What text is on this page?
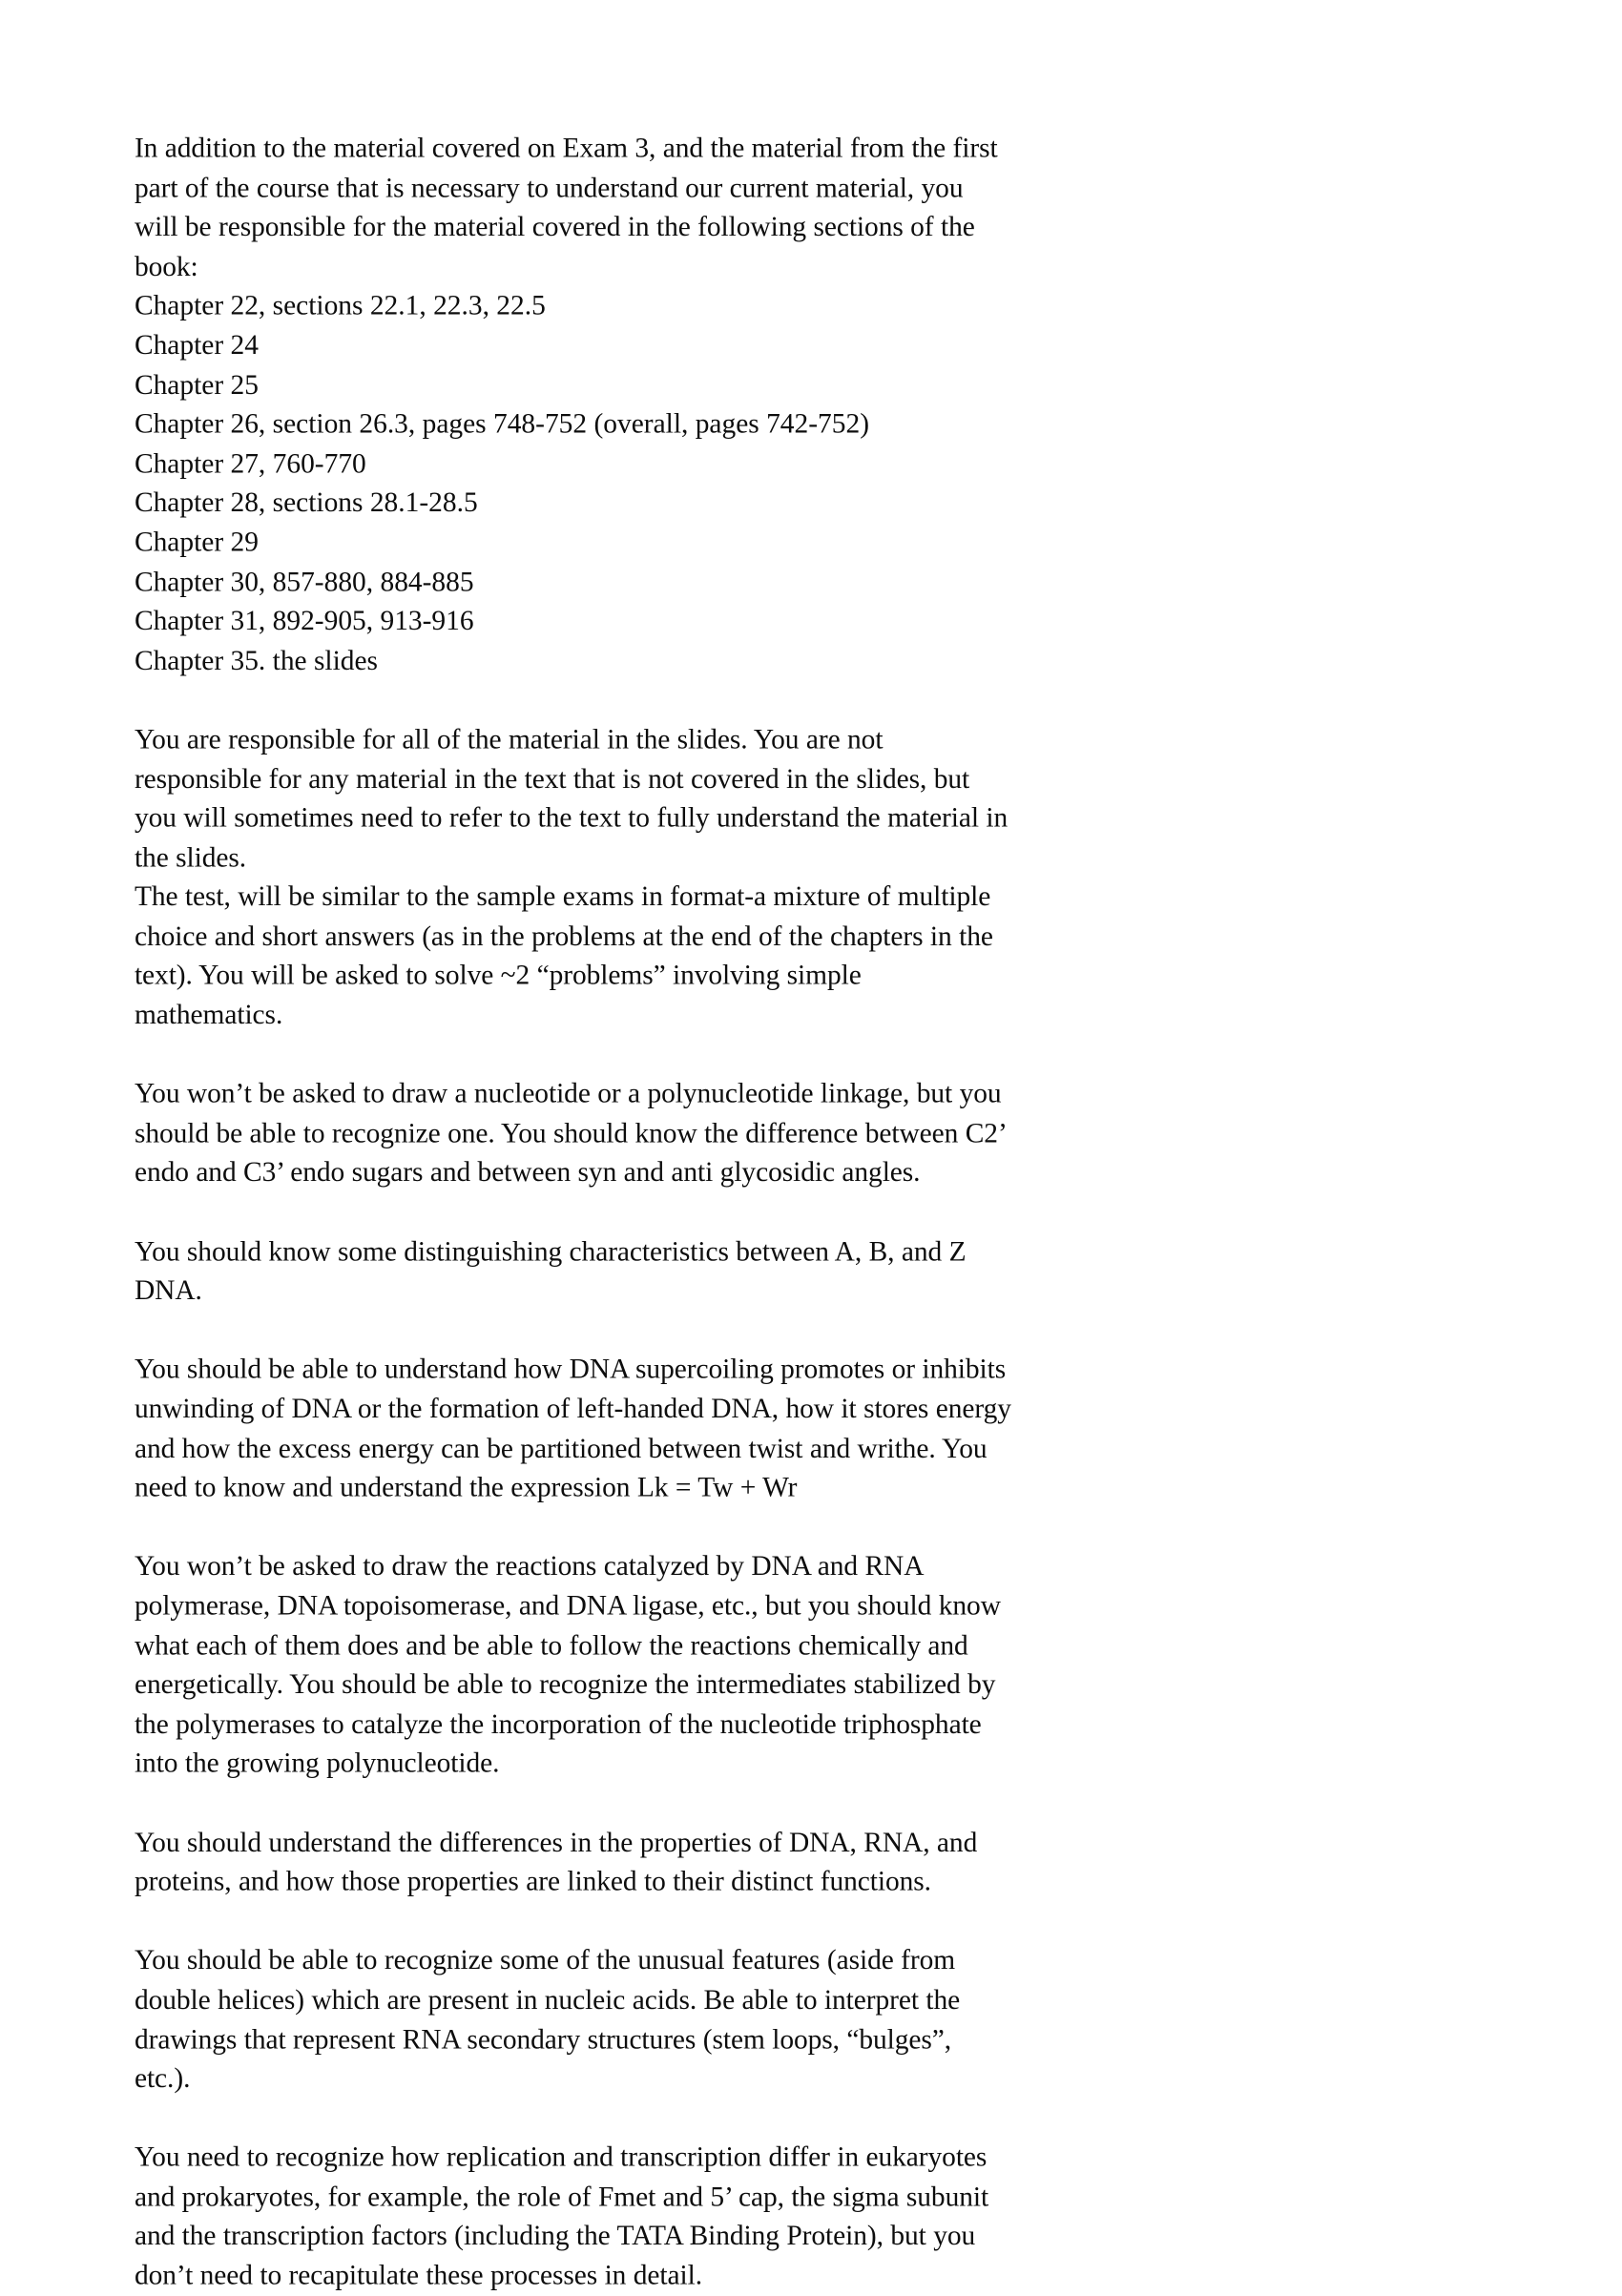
In addition to the material covered on Exam 3, and the material from the first part of the course that is necessary to understand our current material, you will be responsible for the material covered in the following sections of the book:

Chapter 22, sections 22.1, 22.3, 22.5
Chapter 24
Chapter 25
Chapter 26, section 26.3, pages 748-752 (overall, pages 742-752)
Chapter 27, 760-770
Chapter 28, sections 28.1-28.5
Chapter 29
Chapter 30, 857-880, 884-885
Chapter 31, 892-905, 913-916
Chapter 35. the slides

You are responsible for all of the material in the slides. You are not responsible for any material in the text that is not covered in the slides, but you will sometimes need to refer to the text to fully understand the material in the slides.

The test, will be similar to the sample exams in format-a mixture of multiple choice and short answers (as in the problems at the end of the chapters in the text). You will be asked to solve ~2 “problems” involving simple mathematics.

You won’t be asked to draw a nucleotide or a polynucleotide linkage, but you should be able to recognize one. You should know the difference between C2’ endo and C3’ endo sugars and between syn and anti glycosidic angles.

You should know some distinguishing characteristics between A, B, and Z DNA.

You should be able to understand how DNA supercoiling promotes or inhibits unwinding of DNA or the formation of left-handed DNA, how it stores energy and how the excess energy can be partitioned between twist and writhe. You need to know and understand the expression Lk = Tw + Wr

You won’t be asked to draw the reactions catalyzed by DNA and RNA polymerase, DNA topoisomerase, and DNA ligase, etc., but you should know what each of them does and be able to follow the reactions chemically and energetically. You should be able to recognize the intermediates stabilized by the polymerases to catalyze the incorporation of the nucleotide triphosphate into the growing polynucleotide.

You should understand the differences in the properties of DNA, RNA, and proteins, and how those properties are linked to their distinct functions.

You should be able to recognize some of the unusual features (aside from double helices) which are present in nucleic acids. Be able to interpret the drawings that represent RNA secondary structures (stem loops, “bulges”, etc.).

You need to recognize how replication and transcription differ in eukaryotes and prokaryotes, for example, the role of Fmet and 5’ cap, the sigma subunit and the transcription factors (including the TATA Binding Protein), but you don’t need to recapitulate these processes in detail.
